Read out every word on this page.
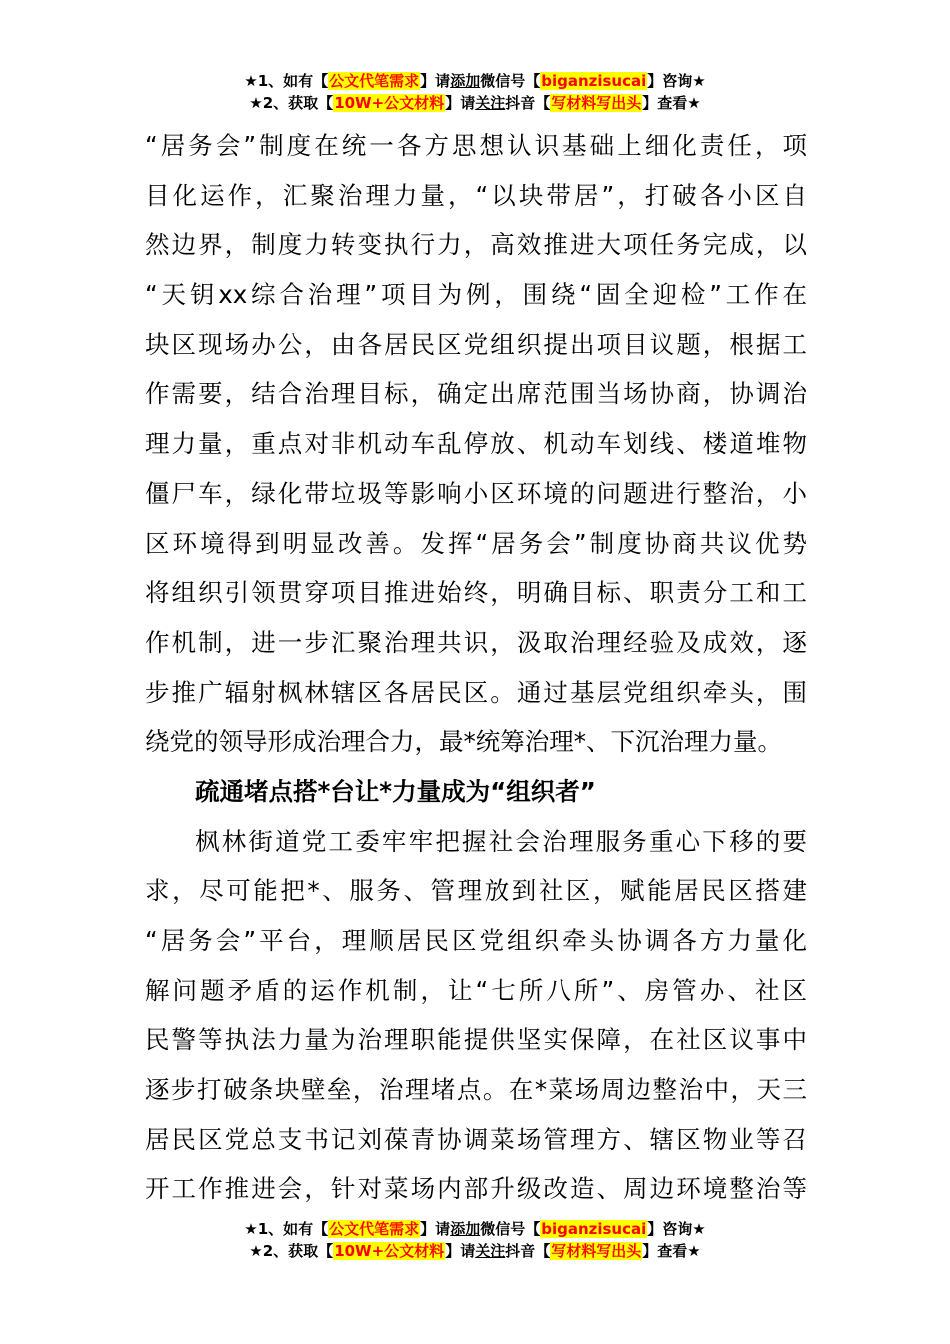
★1、如有【公文代笔需求】请添加微信号【biganzisucai】咨询★
★2、获取【10W+公文材料】请关注抖音【写材料写出头】查看★
“居务会”制度在统一各方思想认识基础上细化责任，项
目化运作，汇聚治理力量，“以块带居”，打破各小区自
然边界，制度力转变执行力，高效推进大项任务完成，以
“天钥xx综合治理”项目为例，围绕“固全迎检”工作在
块区现场办公，由各居民区党组织提出项目议题，根据工
作需要，结合治理目标，确定出席范围当场协商，协调治
理力量，重点对非机动车乱停放、机动车划线、楼道堆物
僵尸车，绿化带垃圾等影响小区环境的问题进行整治，小
区环境得到明显改善。发挥“居务会”制度协商共议优势
将组织引领贯穿项目推进始终，明确目标、职责分工和工
作机制，进一步汇聚治理共识，汲取治理经验及成效，逐
步推广辐射枫林辖区各居民区。通过基层党组织牵头，围
绕党的领导形成治理合力，最*统筹治理*、下沉治理力量。
疏通堵点搭*台让*力量成为“组织者”
枫林街道党工委牢牢把握社会治理服务重心下移的要
求，尽可能把*、服务、管理放到社区，赋能居民区搭建
“居务会”平台，理顺居民区党组织牵头协调各方力量化
解问题矛盾的运作机制，让“七所八所”、房管办、社区
民警等执法力量为治理职能提供坚实保障，在社区议事中
逐步打破条块壁垒，治理堵点。在*菜场周边整治中，天三
居民区党总支书记刘葆青协调菜场管理方、辖区物业等召
开工作推进会，针对菜场内部升级改造、周边环境整治等
★1、如有【公文代笔需求】请添加微信号【biganzisucai】咨询★
★2、获取【10W+公文材料】请关注抖音【写材料写出头】查看★
